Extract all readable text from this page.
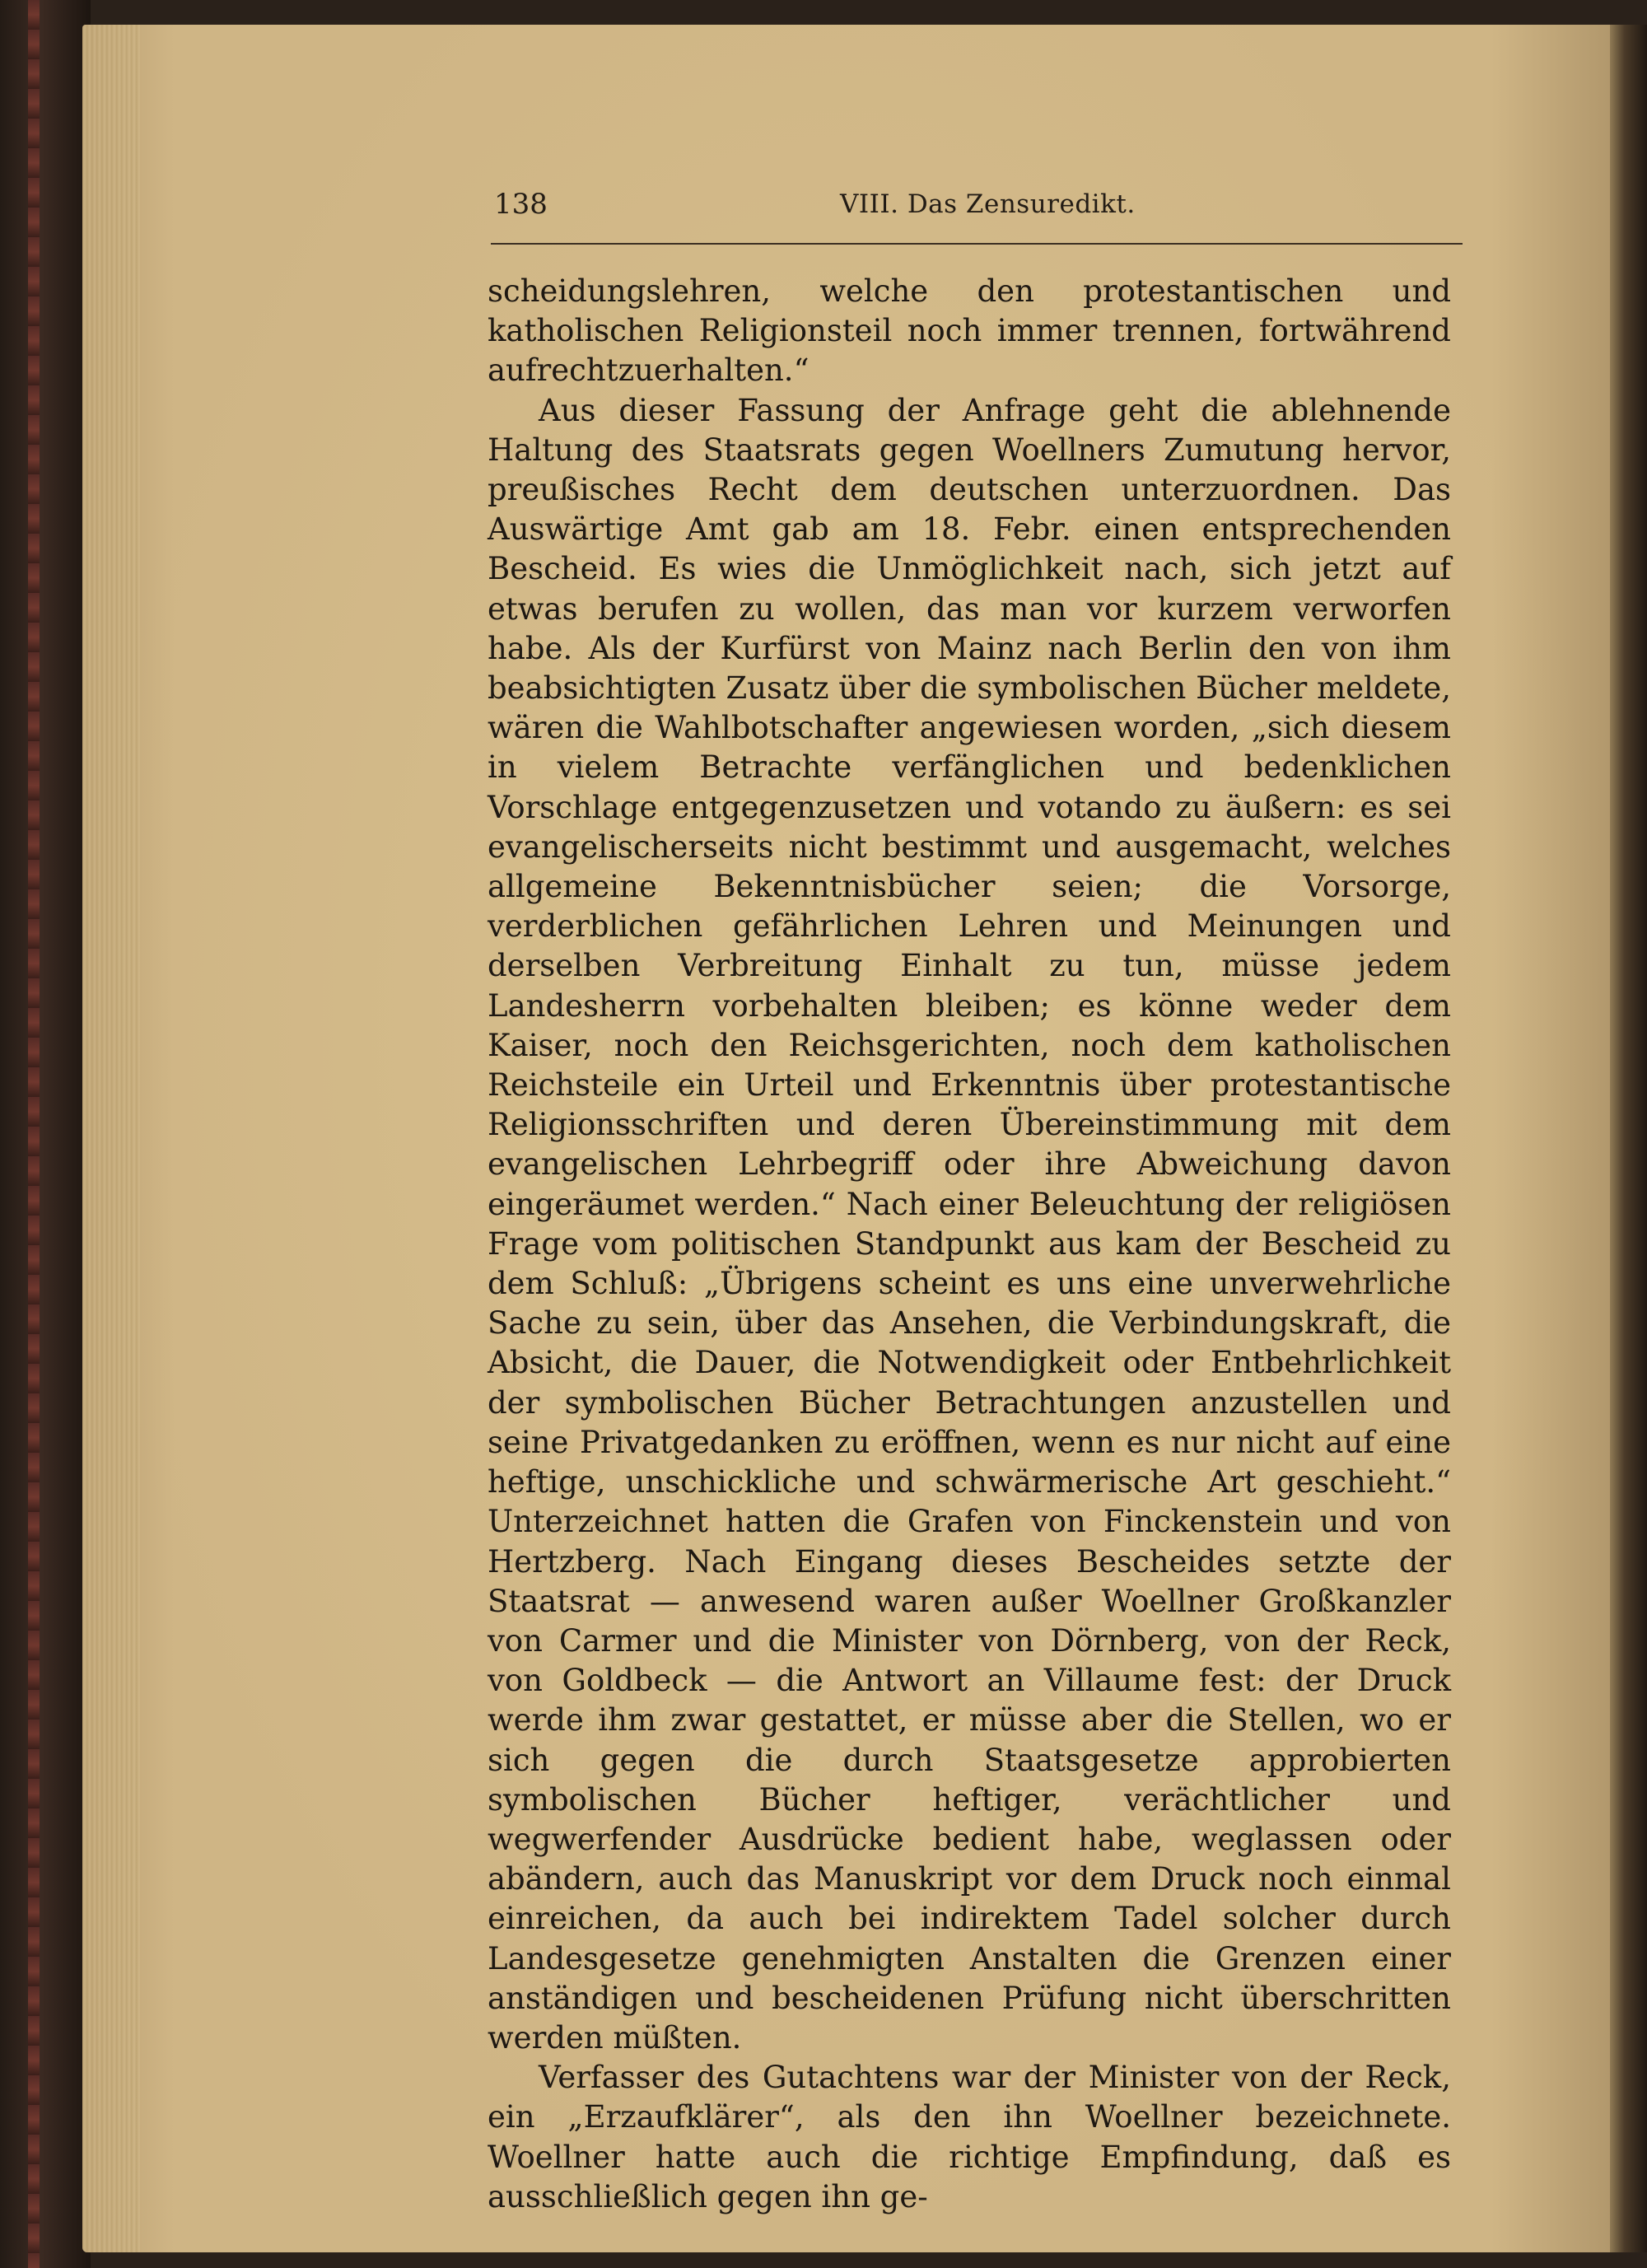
138	VIII. Das Zensuredikt.

scheidungslehren, welche den protestantischen und katholischen Religionsteil noch immer trennen, fortwährend aufrechtzuerhalten.“

Aus dieser Fassung der Anfrage geht die ablehnende Haltung des Staatsrats gegen Woellners Zumutung hervor, preußisches Recht dem deutschen unterzuordnen. Das Auswärtige Amt gab am 18. Febr. einen entsprechenden Bescheid. Es wies die Unmöglichkeit nach, sich jetzt auf etwas berufen zu wollen, das man vor kurzem verworfen habe. Als der Kurfürst von Mainz nach Berlin den von ihm beabsichtigten Zusatz über die symbolischen Bücher meldete, wären die Wahlbotschafter angewiesen worden, „sich diesem in vielem Betrachte verfänglichen und bedenklichen Vorschlage entgegenzusetzen und votando zu äußern: es sei evangelischerseits nicht bestimmt und ausgemacht, welches allgemeine Bekenntnisbücher seien; die Vorsorge, verderblichen gefährlichen Lehren und Meinungen und derselben Verbreitung Einhalt zu tun, müsse jedem Landesherrn vorbehalten bleiben; es könne weder dem Kaiser, noch den Reichsgerichten, noch dem katholischen Reichsteile ein Urteil und Erkenntnis über protestantische Religionsschriften und deren Übereinstimmung mit dem evangelischen Lehrbegriff oder ihre Abweichung davon eingeräumet werden.“ Nach einer Beleuchtung der religiösen Frage vom politischen Standpunkt aus kam der Bescheid zu dem Schluß: „Übrigens scheint es uns eine unverwehrliche Sache zu sein, über das Ansehen, die Verbindungskraft, die Absicht, die Dauer, die Notwendigkeit oder Entbehrlichkeit der symbolischen Bücher Betrachtungen anzustellen und seine Privatgedanken zu eröffnen, wenn es nur nicht auf eine heftige, unschickliche und schwärmerische Art geschieht.“ Unterzeichnet hatten die Grafen von Finckenstein und von Hertzberg. Nach Eingang dieses Bescheides setzte der Staatsrat — anwesend waren außer Woellner Großkanzler von Carmer und die Minister von Dörnberg, von der Reck, von Goldbeck — die Antwort an Villaume fest: der Druck werde ihm zwar gestattet, er müsse aber die Stellen, wo er sich gegen die durch Staatsgesetze approbierten symbolischen Bücher heftiger, verächtlicher und wegwerfender Ausdrücke bedient habe, weglassen oder abändern, auch das Manuskript vor dem Druck noch einmal einreichen, da auch bei indirektem Tadel solcher durch Landesgesetze genehmigten Anstalten die Grenzen einer anständigen und bescheidenen Prüfung nicht überschritten werden müßten.

Verfasser des Gutachtens war der Minister von der Reck, ein „Erzaufklärer“, als den ihn Woellner bezeichnete. Woellner hatte auch die richtige Empfindung, daß es ausschließlich gegen ihn ge-
